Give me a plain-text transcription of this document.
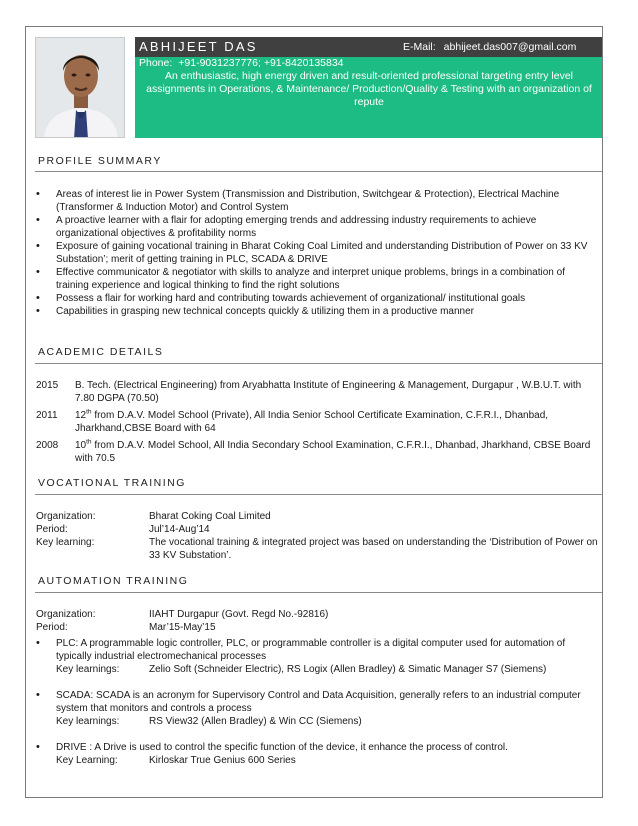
ABHIJEET DAS	E-Mail: abhijeet.das007@gmail.com
Phone: +91-9031237776; +91-8420135834
An enthusiastic, high energy driven and result-oriented professional targeting entry level assignments in Operations, & Maintenance/ Production/Quality & Testing with an organization of repute
PROFILE SUMMARY
• Areas of interest lie in Power System (Transmission and Distribution, Switchgear & Protection), Electrical Machine (Transformer & Induction Motor) and Control System
• A proactive learner with a flair for adopting emerging trends and addressing industry requirements to achieve organizational objectives & profitability norms
• Exposure of gaining vocational training in Bharat Coking Coal Limited and understanding Distribution of Power on 33 KV Substation’; merit of getting training in PLC, SCADA & DRIVE
• Effective communicator & negotiator with skills to analyze and interpret unique problems, brings in a combination of training experience and logical thinking to find the right solutions
• Possess a flair for working hard and contributing towards achievement of organizational/ institutional goals
• Capabilities in grasping new technical concepts quickly & utilizing them in a productive manner
ACADEMIC DETAILS
2015	B. Tech. (Electrical Engineering) from Aryabhatta Institute of Engineering & Management, Durgapur , W.B.U.T. with 7.80 DGPA (70.50)
2011	12th from D.A.V. Model School (Private), All India Senior School Certificate Examination, C.F.R.I., Dhanbad, Jharkhand,CBSE Board with 64
2008	10th from D.A.V. Model School, All India Secondary School Examination, C.F.R.I., Dhanbad, Jharkhand, CBSE Board with 70.5
VOCATIONAL TRAINING
Organization:	Bharat Coking Coal Limited
Period:	Jul’14-Aug’14
Key learning:	The vocational training & integrated project was based on understanding the ‘Distribution of Power on 33 KV Substation’.
AUTOMATION TRAINING
Organization:	IIAHT Durgapur (Govt. Regd No.-92816)
Period:	Mar’15-May’15
• PLC: A programmable logic controller, PLC, or programmable controller is a digital computer used for automation of typically industrial electromechanical processes
Key learnings:	Zelio Soft (Schneider Electric), RS Logix (Allen Bradley) & Simatic Manager S7 (Siemens)
• SCADA: SCADA is an acronym for Supervisory Control and Data Acquisition, generally refers to an industrial computer system that monitors and controls a process
Key learnings:	RS View32 (Allen Bradley) & Win CC (Siemens)
• DRIVE : A Drive is used to control the specific function of the device, it enhance the process of control.
Key Learning:	Kirloskar True Genius 600 Series
